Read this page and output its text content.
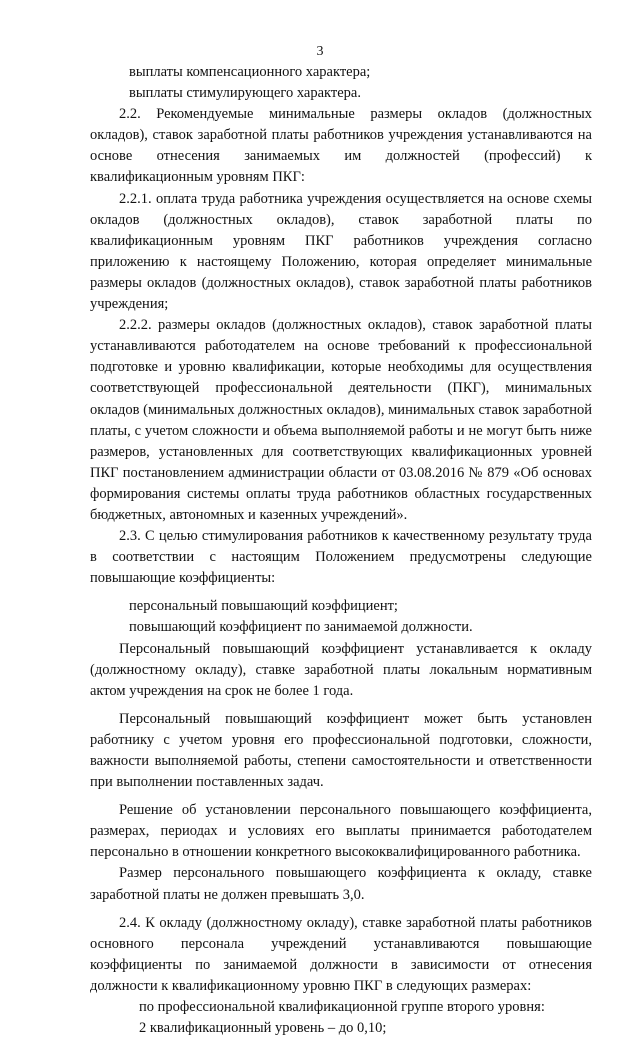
3

выплаты компенсационного характера;

выплаты стимулирующего характера.

2.2. Рекомендуемые минимальные размеры окладов (должностных окладов), ставок заработной платы работников учреждения устанавливаются на основе отнесения занимаемых им должностей (профессий) к квалификационным уровням ПКГ:

2.2.1. оплата труда работника учреждения осуществляется на основе схемы окладов (должностных окладов), ставок заработной платы по квалификационным уровням ПКГ работников учреждения согласно приложению к настоящему Положению, которая определяет минимальные размеры окладов (должностных окладов), ставок заработной платы работников учреждения;

2.2.2. размеры окладов (должностных окладов), ставок заработной платы устанавливаются работодателем на основе требований к профессиональной подготовке и уровню квалификации, которые необходимы для осуществления соответствующей профессиональной деятельности (ПКГ), минимальных окладов (минимальных должностных окладов), минимальных ставок заработной платы, с учетом сложности и объема выполняемой работы и не могут быть ниже размеров, установленных для соответствующих квалификационных уровней ПКГ постановлением администрации области от 03.08.2016 № 879 «Об основах формирования системы оплаты труда работников областных государственных бюджетных, автономных и казенных учреждений».

2.3. С целью стимулирования работников к качественному результату труда в соответствии с настоящим Положением предусмотрены следующие повышающие коэффициенты:

персональный повышающий коэффициент;

повышающий коэффициент по занимаемой должности.

Персональный повышающий коэффициент устанавливается к окладу (должностному окладу), ставке заработной платы локальным нормативным актом учреждения на срок не более 1 года.

Персональный повышающий коэффициент может быть установлен работнику с учетом уровня его профессиональной подготовки, сложности, важности выполняемой работы, степени самостоятельности и ответственности при выполнении поставленных задач.

Решение об установлении персонального повышающего коэффициента, размерах, периодах и условиях его выплаты принимается работодателем персонально в отношении конкретного высококвалифицированного работника.

Размер персонального повышающего коэффициента к окладу, ставке заработной платы не должен превышать 3,0.

2.4. К окладу (должностному окладу), ставке заработной платы работников основного персонала учреждений устанавливаются повышающие коэффициенты по занимаемой должности в зависимости от отнесения должности к квалификационному уровню ПКГ в следующих размерах:

по профессиональной квалификационной группе второго уровня:

2 квалификационный уровень – до 0,10;
